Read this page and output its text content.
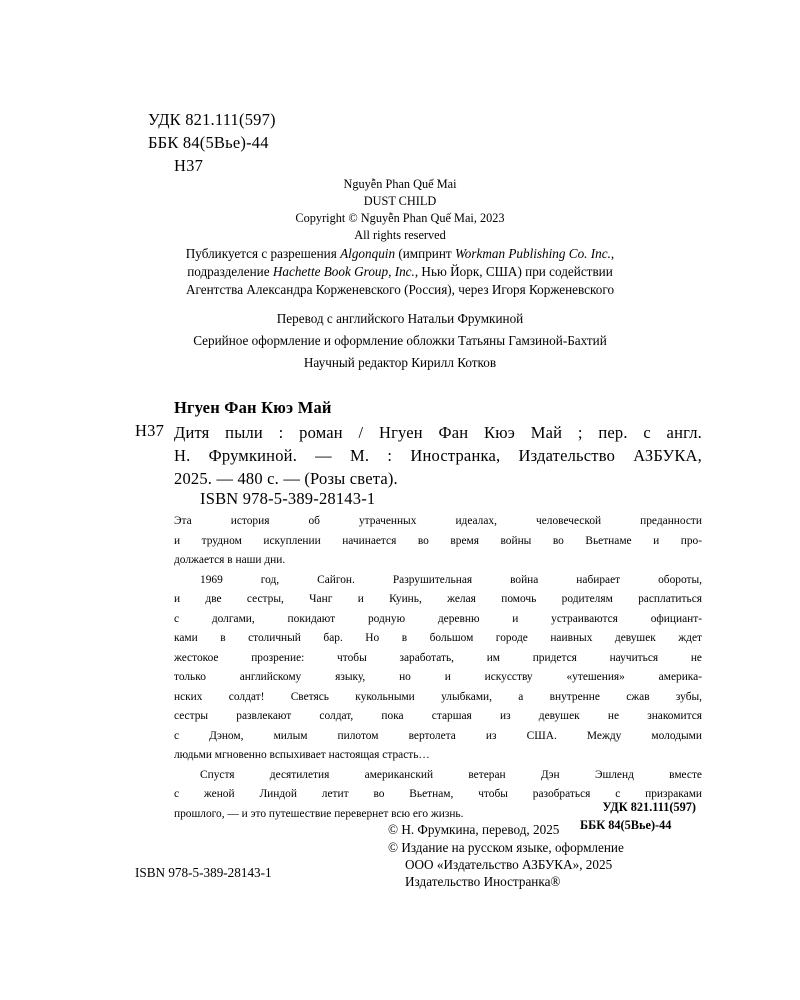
УДК 821.111(597)
ББК 84(5Вье)-44
Н37
Nguyễn Phan Quế Mai
DUST CHILD
Copyright © Nguyễn Phan Quế Mai, 2023
All rights reserved
Публикуется с разрешения Algonquin (импринт Workman Publishing Co. Inc.,
подразделение Hachette Book Group, Inc., Нью Йорк, США) при содействии
Агентства Александра Корженевского (Россия), через Игоря Корженевского
Перевод с английского Натальи Фрумкиной
Серийное оформление и оформление обложки Татьяны Гамзиной-Бахтий
Научный редактор Кирилл Котков
Нгуен Фан Кюэ Май
Н37 Дитя пыли : роман / Нгуен Фан Кюэ Май ; пер. с англ.
Н. Фрумкиной. — М. : Иностранка, Издательство АЗБУКА,
2025. — 480 с. — (Розы света).
ISBN 978-5-389-28143-1
Эта история об утраченных идеалах, человеческой преданности
и трудном искуплении начинается во время войны во Вьетнаме и про-
должается в наши дни.
1969 год, Сайгон. Разрушительная война набирает обороты,
и две сестры, Чанг и Куинь, желая помочь родителям расплатиться
с долгами, покидают родную деревню и устраиваются официант-
ками в столичный бар. Но в большом городе наивных девушек ждет
жестокое прозрение: чтобы заработать, им придется научиться не
только английскому языку, но и искусству «утешения» америка-
нских солдат! Светясь кукольными улыбками, а внутренне сжав зубы,
сестры развлекают солдат, пока старшая из девушек не знакомится
с Дэном, милым пилотом вертолета из США. Между молодыми
людьми мгновенно вспыхивает настоящая страсть…
Спустя десятилетия американский ветеран Дэн Эшленд вместе
с женой Линдой летит во Вьетнам, чтобы разобраться с призраками
прошлого, — и это путешествие перевернет всю его жизнь.	УДК 821.111(597)
ББК 84(5Вье)-44
© Н. Фрумкина, перевод, 2025
© Издание на русском языке, оформление
ООО «Издательство АЗБУКА», 2025
Издательство Иностранка®
ISBN 978-5-389-28143-1
